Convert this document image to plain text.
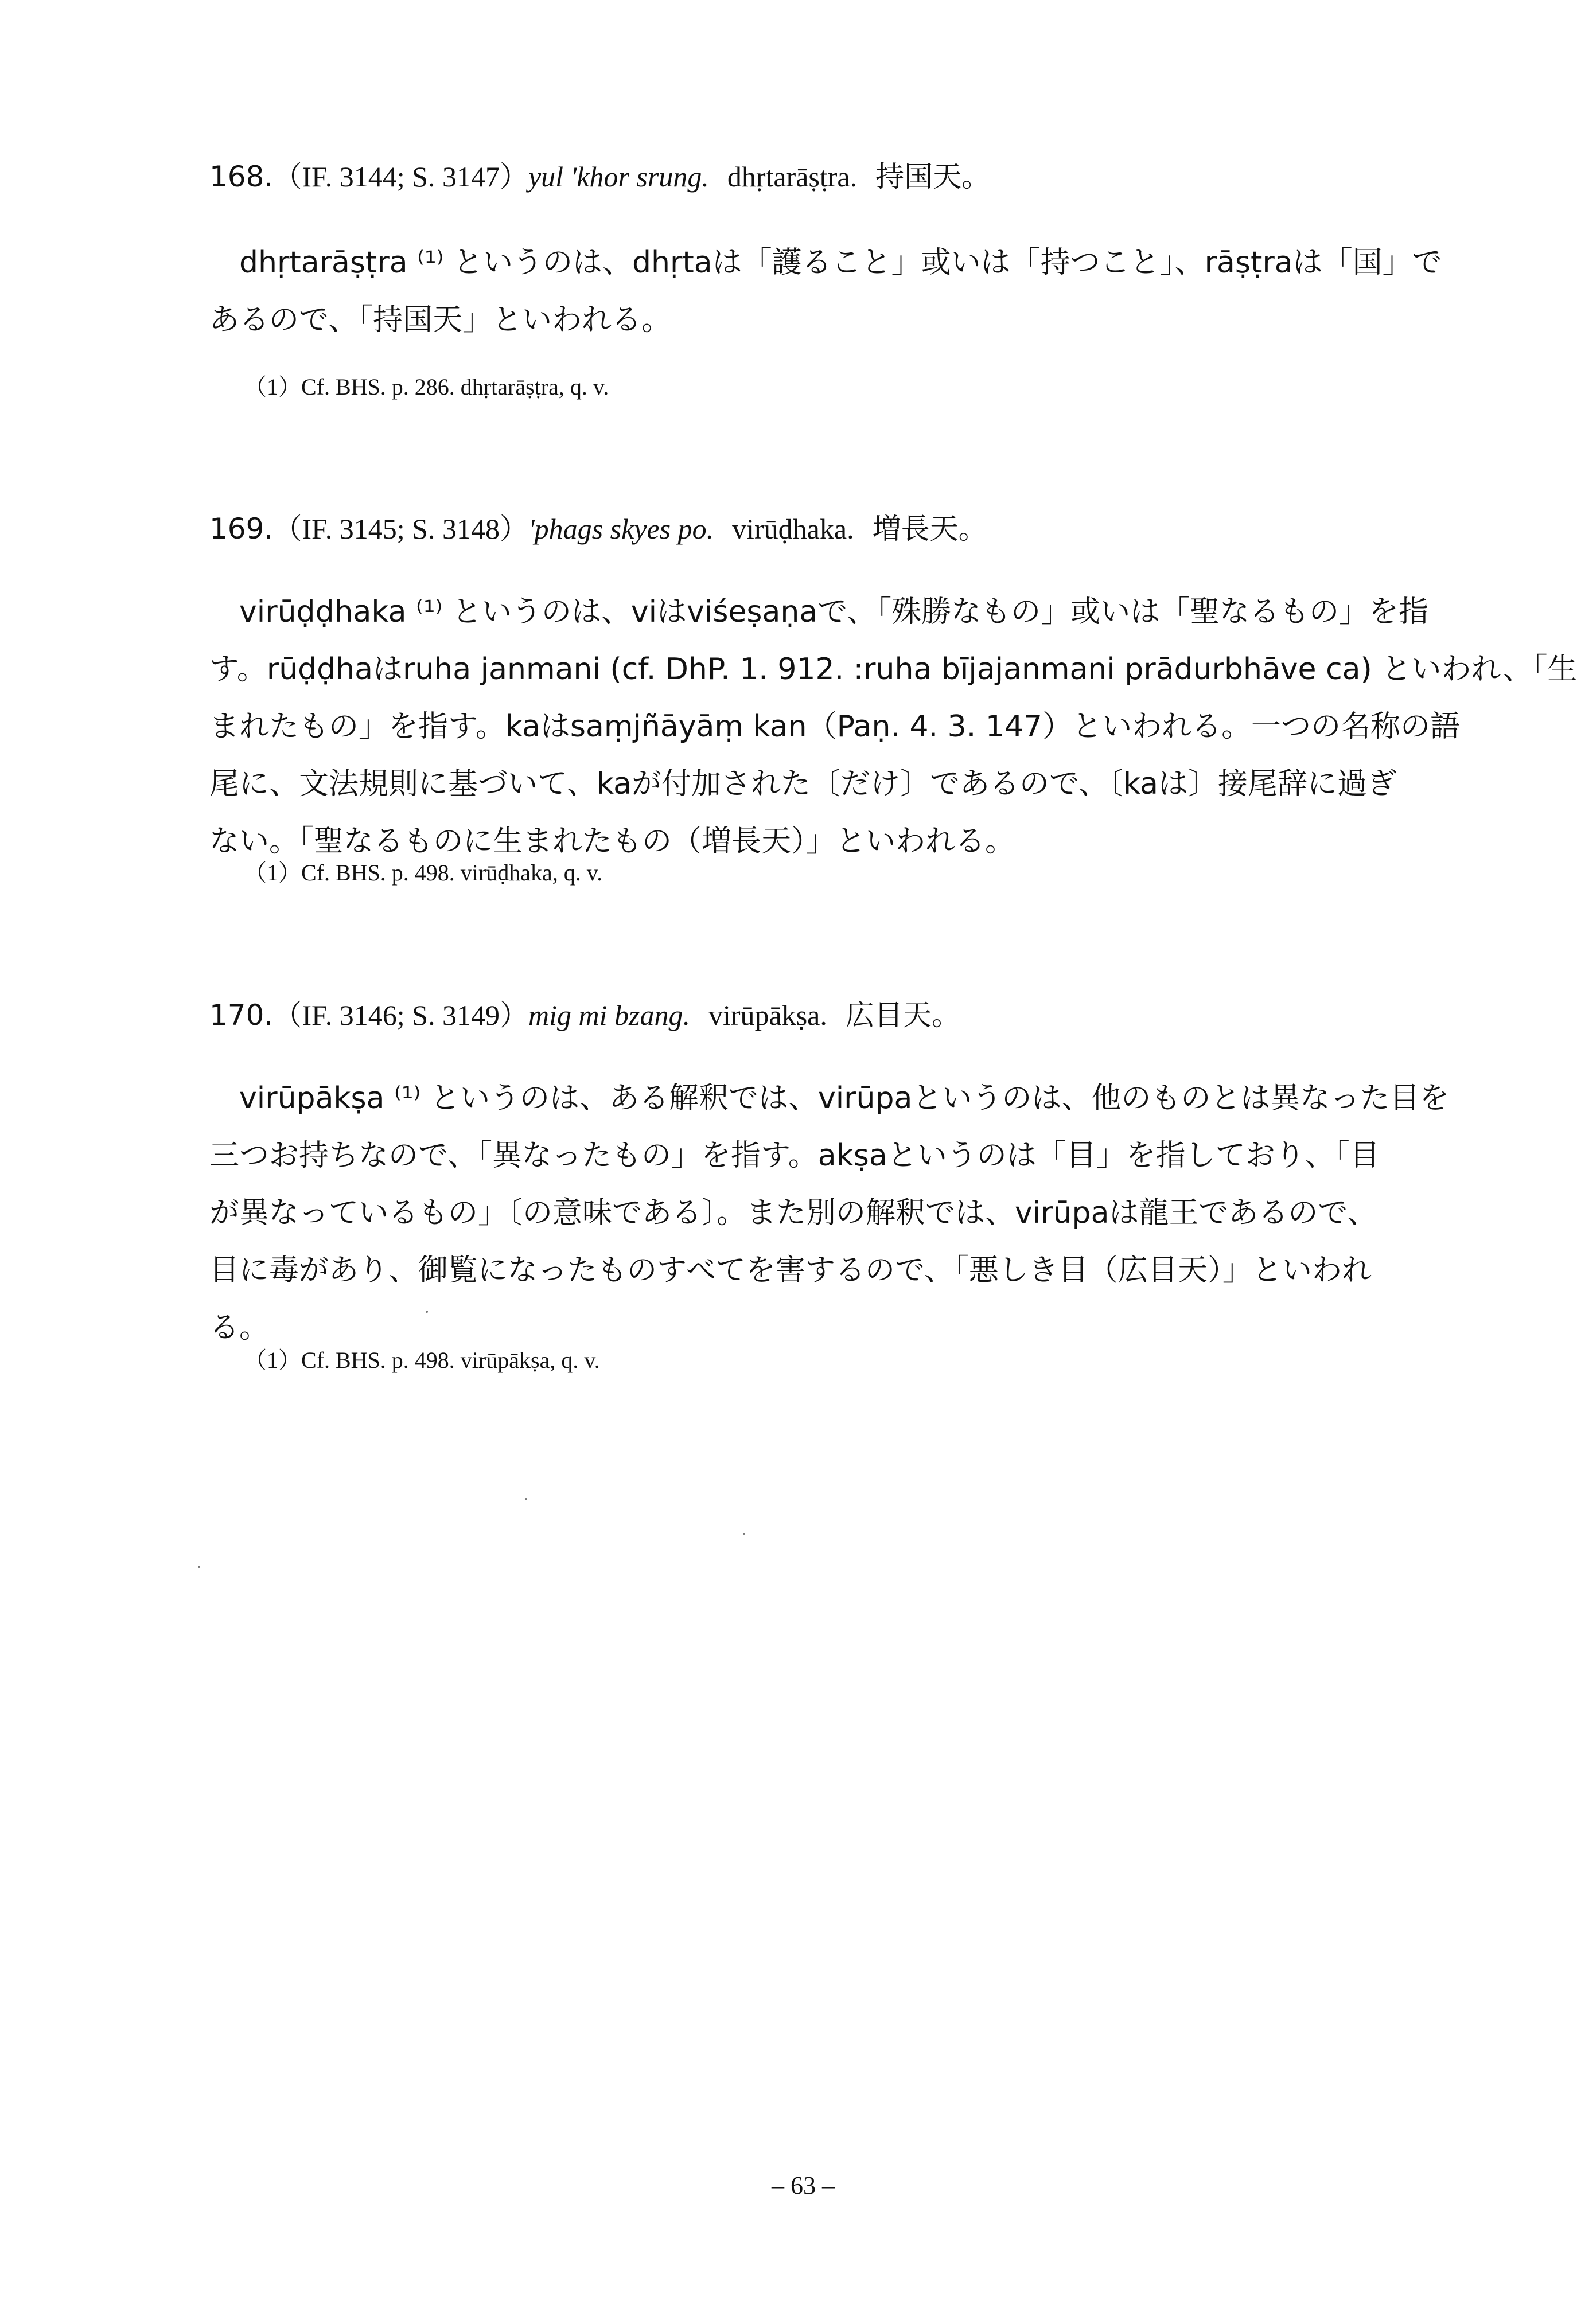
168.（IF. 3144; S. 3147）yul 'khor srung. dhṛtarāṣṭra. 持国天。
dhṛtarāṣṭra ⁽¹⁾ というのは、dhṛtaは「護ること」或いは「持つこと」、rāṣṭraは「国」で
あるので、「持国天」といわれる。
（1）Cf. BHS. p. 286. dhṛtarāṣṭra, q. v.
169.（IF. 3145; S. 3148）'phags skyes po. virūḍhaka. 増長天。
virūḍḍhaka ⁽¹⁾ というのは、viはviśeṣaṇaで、「殊勝なもの」或いは「聖なるもの」を指
す。rūḍḍhaはruha janmani (cf. DhP. 1. 912. :ruha bījajanmani prādurbhāve ca) といわれ、「生
まれたもの」を指す。kaはsaṃjñāyāṃ kan（Paṇ. 4. 3. 147）といわれる。一つの名称の語
尾に、文法規則に基づいて、kaが付加された〔だけ〕であるので、〔kaは〕接尾辞に過ぎ
ない。「聖なるものに生まれたもの（増長天）」といわれる。
（1）Cf. BHS. p. 498. virūḍhaka, q. v.
170.（IF. 3146; S. 3149）mig mi bzang. virūpākṣa. 広目天。
virūpākṣa ⁽¹⁾ というのは、ある解釈では、virūpaというのは、他のものとは異なった目を
三つお持ちなので、「異なったもの」を指す。akṣaというのは「目」を指しており、「目
が異なっているもの」〔の意味である〕。また別の解釈では、virūpaは龍王であるので、
目に毒があり、御覧になったものすべてを害するので、「悪しき目（広目天）」といわれ
る。
（1）Cf. BHS. p. 498. virūpākṣa, q. v.
– 63 –
